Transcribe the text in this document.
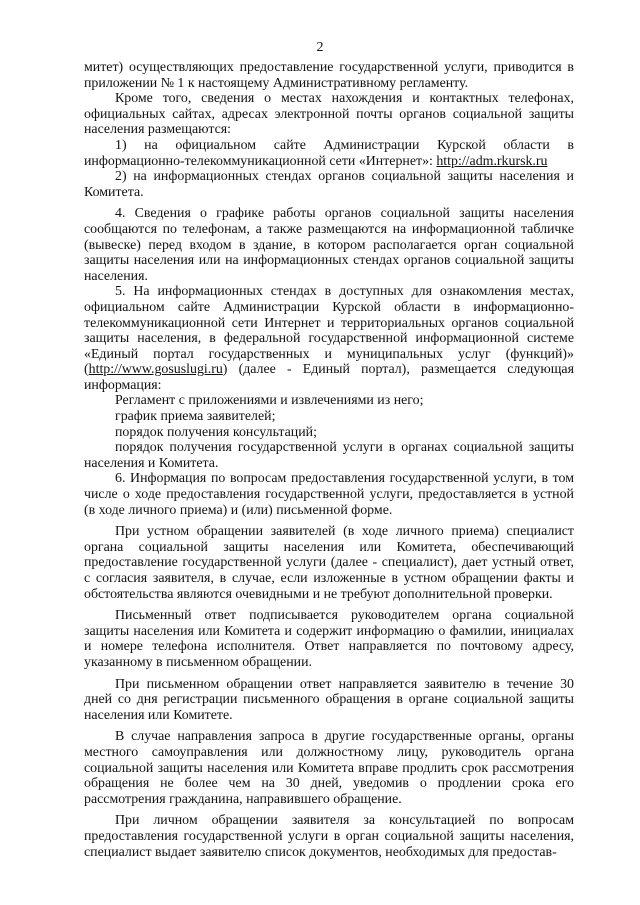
2

митет) осуществляющих предоставление государственной услуги, приводится в приложении № 1 к настоящему Административному регламенту.

Кроме того, сведения о местах нахождения и контактных телефонах, официальных сайтах, адресах электронной почты органов социальной защиты населения размещаются:

1) на официальном сайте Администрации Курской области в информационно-телекоммуникационной сети «Интернет»: http://adm.rkursk.ru

2) на информационных стендах органов социальной защиты населения и Комитета.

4. Сведения о графике работы органов социальной защиты населения сообщаются по телефонам, а также размещаются на информационной табличке (вывеске) перед входом в здание, в котором располагается орган социальной защиты населения или на информационных стендах органов социальной защиты населения.

5. На информационных стендах в доступных для ознакомления местах, официальном сайте Администрации Курской области в информационно-телекоммуникационной сети Интернет и территориальных органов социальной защиты населения, в федеральной государственной информационной системе «Единый портал государственных и муниципальных услуг (функций)» (http://www.gosuslugi.ru) (далее - Единый портал), размещается следующая информация:

Регламент с приложениями и извлечениями из него;

график приема заявителей;

порядок получения консультаций;

порядок получения государственной услуги в органах социальной защиты населения и Комитета.

6. Информация по вопросам предоставления государственной услуги, в том числе о ходе предоставления государственной услуги, предоставляется в устной (в ходе личного приема) и (или) письменной форме.

При устном обращении заявителей (в ходе личного приема) специалист органа социальной защиты населения или Комитета, обеспечивающий предоставление государственной услуги (далее - специалист), дает устный ответ, с согласия заявителя, в случае, если изложенные в устном обращении факты и обстоятельства являются очевидными и не требуют дополнительной проверки.

Письменный ответ подписывается руководителем органа социальной защиты населения или Комитета и содержит информацию о фамилии, инициалах и номере телефона исполнителя. Ответ направляется по почтовому адресу, указанному в письменном обращении.

При письменном обращении ответ направляется заявителю в течение 30 дней со дня регистрации письменного обращения в органе социальной защиты населения или Комитете.

В случае направления запроса в другие государственные органы, органы местного самоуправления или должностному лицу, руководитель органа социальной защиты населения или Комитета вправе продлить срок рассмотрения обращения не более чем на 30 дней, уведомив о продлении срока его рассмотрения гражданина, направившего обращение.

При личном обращении заявителя за консультацией по вопросам предоставления государственной услуги в орган социальной защиты населения, специалист выдает заявителю список документов, необходимых для предостав-
